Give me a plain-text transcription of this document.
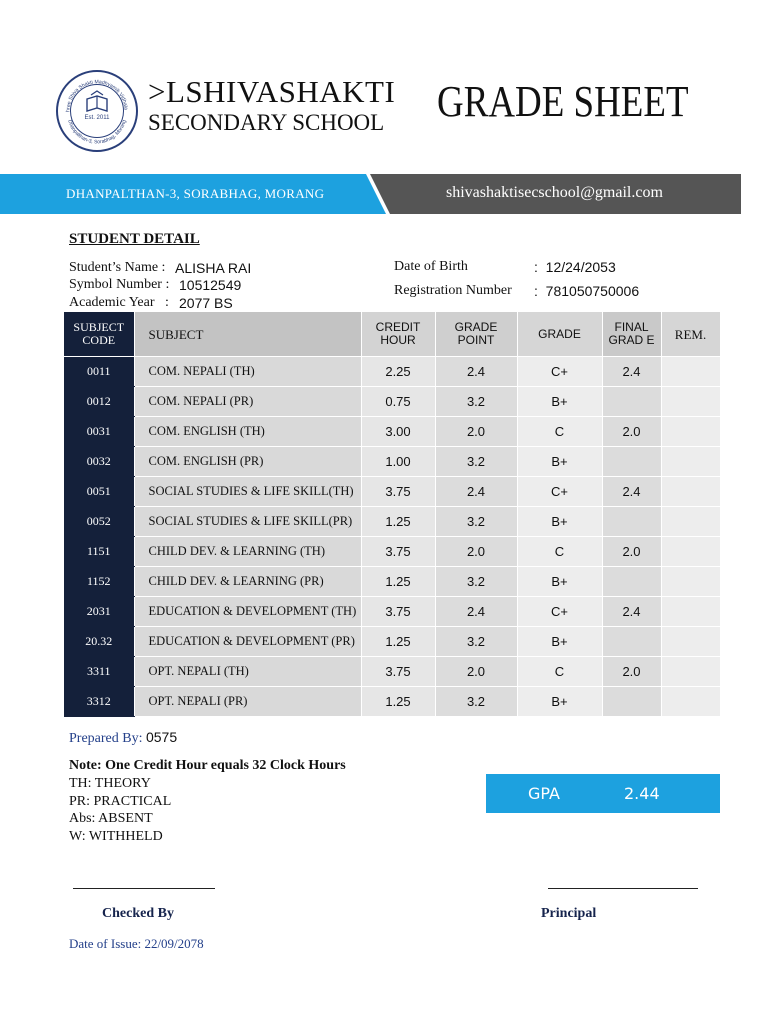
hree Shiva Shakti Madhyamik Vidhala
Dhanpalthan-3, Sorabhag, Morang
Est. 2011
>LSHIVASHAKTI
SECONDARY SCHOOL GRADE SHEET
DHANPALTHAN-3, SORABHAG, MORANG	shivashaktisecschool@gmail.com
STUDENT DETAIL
Student’s Name : ALISHA RAI
Symbol Number : 10512549
Academic Year   : 2077 BS
Date of Birth	:  12/24/2053
Registration Number :  781050750006
SUBJECT CODE	SUBJECT	CREDIT HOUR	GRADE POINT	GRADE	FINAL GRAD E	REM.
0011	COM. NEPALI (TH)	2.25	2.4	C+	2.4	
0012	COM. NEPALI (PR)	0.75	3.2	B+		
0031	COM. ENGLISH (TH)	3.00	2.0	C	2.0	
0032	COM. ENGLISH (PR)	1.00	3.2	B+		
0051	SOCIAL STUDIES & LIFE SKILL(TH)	3.75	2.4	C+	2.4	
0052	SOCIAL STUDIES & LIFE SKILL(PR)	1.25	3.2	B+		
1151	CHILD DEV. & LEARNING (TH)	3.75	2.0	C	2.0	
1152	CHILD DEV. & LEARNING (PR)	1.25	3.2	B+		
2031	EDUCATION & DEVELOPMENT (TH)	3.75	2.4	C+	2.4	
20.32	EDUCATION & DEVELOPMENT (PR)	1.25	3.2	B+		
3311	OPT. NEPALI (TH)	3.75	2.0	C	2.0	
3312	OPT. NEPALI (PR)	1.25	3.2	B+		
Prepared By: 0575
Note: One Credit Hour equals 32 Clock Hours
TH: THEORY
PR: PRACTICAL
Abs: ABSENT
W: WITHHELD
GPA	2.44
Checked By	Principal
Date of Issue: 22/09/2078
